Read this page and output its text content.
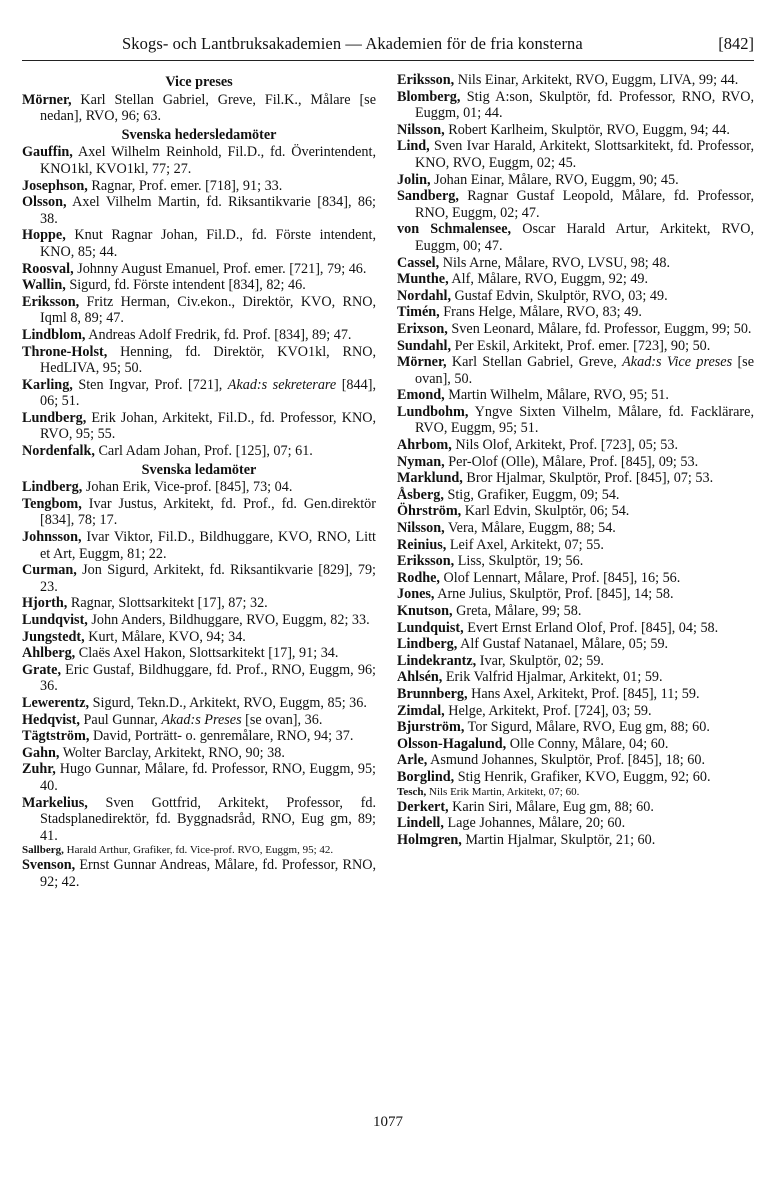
Skogs- och Lantbruksakademien — Akademien för de fria konsterna	[842]
Vice preses
Mörner, Karl Stellan Gabriel, Greve, Fil.K., Målare [se nedan], RVO, 96; 63.
Svenska hedersledamöter
Gauffin, Axel Wilhelm Reinhold, Fil.D., fd. Överintendent, KNO1kl, KVO1kl, 77; 27.
Josephson, Ragnar, Prof. emer. [718], 91; 33.
Olsson, Axel Vilhelm Martin, fd. Riksantikvarie [834], 86; 38.
Hoppe, Knut Ragnar Johan, Fil.D., fd. Förste intendent, KNO, 85; 44.
Roosval, Johnny August Emanuel, Prof. emer. [721], 79; 46.
Wallin, Sigurd, fd. Förste intendent [834], 82; 46.
Eriksson, Fritz Herman, Civ.ekon., Direktör, KVO, RNO, Iqml 8, 89; 47.
Lindblom, Andreas Adolf Fredrik, fd. Prof. [834], 89; 47.
Throne-Holst, Henning, fd. Direktör, KVO1kl, RNO, HedLIVA, 95; 50.
Karling, Sten Ingvar, Prof. [721], Akad:s sekreterare [844], 06; 51.
Lundberg, Erik Johan, Arkitekt, Fil.D., fd. Professor, KNO, RVO, 95; 55.
Nordenfalk, Carl Adam Johan, Prof. [125], 07; 61.
Svenska ledamöter
Lindberg, Johan Erik, Vice-prof. [845], 73; 04.
Tengbom, Ivar Justus, Arkitekt, fd. Prof., fd. Gen.direktör [834], 78; 17.
Johnsson, Ivar Viktor, Fil.D., Bildhuggare, KVO, RNO, Litt et Art, Euggm, 81; 22.
Curman, Jon Sigurd, Arkitekt, fd. Riksantikvarie [829], 79; 23.
Hjorth, Ragnar, Slottsarkitekt [17], 87; 32.
Lundqvist, John Anders, Bildhuggare, RVO, Euggm, 82; 33.
Jungstedt, Kurt, Målare, KVO, 94; 34.
Ahlberg, Claës Axel Hakon, Slottsarkitekt [17], 91; 34.
Grate, Eric Gustaf, Bildhuggare, fd. Prof., RNO, Euggm, 96; 36.
Lewerentz, Sigurd, Tekn.D., Arkitekt, RVO, Euggm, 85; 36.
Hedqvist, Paul Gunnar, Akad:s Preses [se ovan], 36.
Tägtström, David, Porträtt- o. genremålare, RNO, 94; 37.
Gahn, Wolter Barclay, Arkitekt, RNO, 90; 38.
Zuhr, Hugo Gunnar, Målare, fd. Professor, RNO, Euggm, 95; 40.
Markelius, Sven Gottfrid, Arkitekt, Professor, fd. Stadsplanedirektör, fd. Byggnadsråd, RNO, Eug gm, 89; 41.
Sallberg, Harald Arthur, Grafiker, fd. Vice-prof. RVO, Euggm, 95; 42.
Svenson, Ernst Gunnar Andreas, Målare, fd. Professor, RNO, 92; 42.
Eriksson, Nils Einar, Arkitekt, RVO, Euggm, LIVA, 99; 44.
Blomberg, Stig A:son, Skulptör, fd. Professor, RNO, RVO, Euggm, 01; 44.
Nilsson, Robert Karlheim, Skulptör, RVO, Euggm, 94; 44.
Lind, Sven Ivar Harald, Arkitekt, Slottsarkitekt, fd. Professor, KNO, RVO, Euggm, 02; 45.
Jolin, Johan Einar, Målare, RVO, Euggm, 90; 45.
Sandberg, Ragnar Gustaf Leopold, Målare, fd. Professor, RNO, Euggm, 02; 47.
von Schmalensee, Oscar Harald Artur, Arkitekt, RVO, Euggm, 00; 47.
Cassel, Nils Arne, Målare, RVO, LVSU, 98; 48.
Munthe, Alf, Målare, RVO, Euggm, 92; 49.
Nordahl, Gustaf Edvin, Skulptör, RVO, 03; 49.
Timén, Frans Helge, Målare, RVO, 83; 49.
Erixson, Sven Leonard, Målare, fd. Professor, Euggm, 99; 50.
Sundahl, Per Eskil, Arkitekt, Prof. emer. [723], 90; 50.
Mörner, Karl Stellan Gabriel, Greve, Akad:s Vice preses [se ovan], 50.
Emond, Martin Wilhelm, Målare, RVO, 95; 51.
Lundbohm, Yngve Sixten Vilhelm, Målare, fd. Facklärare, RVO, Euggm, 95; 51.
Ahrbom, Nils Olof, Arkitekt, Prof. [723], 05; 53.
Nyman, Per-Olof (Olle), Målare, Prof. [845], 09; 53.
Marklund, Bror Hjalmar, Skulptör, Prof. [845], 07; 53.
Åsberg, Stig, Grafiker, Euggm, 09; 54.
Öhrström, Karl Edvin, Skulptör, 06; 54.
Nilsson, Vera, Målare, Euggm, 88; 54.
Reinius, Leif Axel, Arkitekt, 07; 55.
Eriksson, Liss, Skulptör, 19; 56.
Rodhe, Olof Lennart, Målare, Prof. [845], 16; 56.
Jones, Arne Julius, Skulptör, Prof. [845], 14; 58.
Knutson, Greta, Målare, 99; 58.
Lundquist, Evert Ernst Erland Olof, Prof. [845], 04; 58.
Lindberg, Alf Gustaf Natanael, Målare, 05; 59.
Lindekrantz, Ivar, Skulptör, 02; 59.
Ahlsén, Erik Valfrid Hjalmar, Arkitekt, 01; 59.
Brunnberg, Hans Axel, Arkitekt, Prof. [845], 11; 59.
Zimdal, Helge, Arkitekt, Prof. [724], 03; 59.
Bjurström, Tor Sigurd, Målare, RVO, Eug gm, 88; 60.
Olsson-Hagalund, Olle Conny, Målare, 04; 60.
Arle, Asmund Johannes, Skulptör, Prof. [845], 18; 60.
Borglind, Stig Henrik, Grafiker, KVO, Euggm, 92; 60.
Tesch, Nils Erik Martin, Arkitekt, 07; 60.
Derkert, Karin Siri, Målare, Eug gm, 88; 60.
Lindell, Lage Johannes, Målare, 20; 60.
Holmgren, Martin Hjalmar, Skulptör, 21; 60.
1077
